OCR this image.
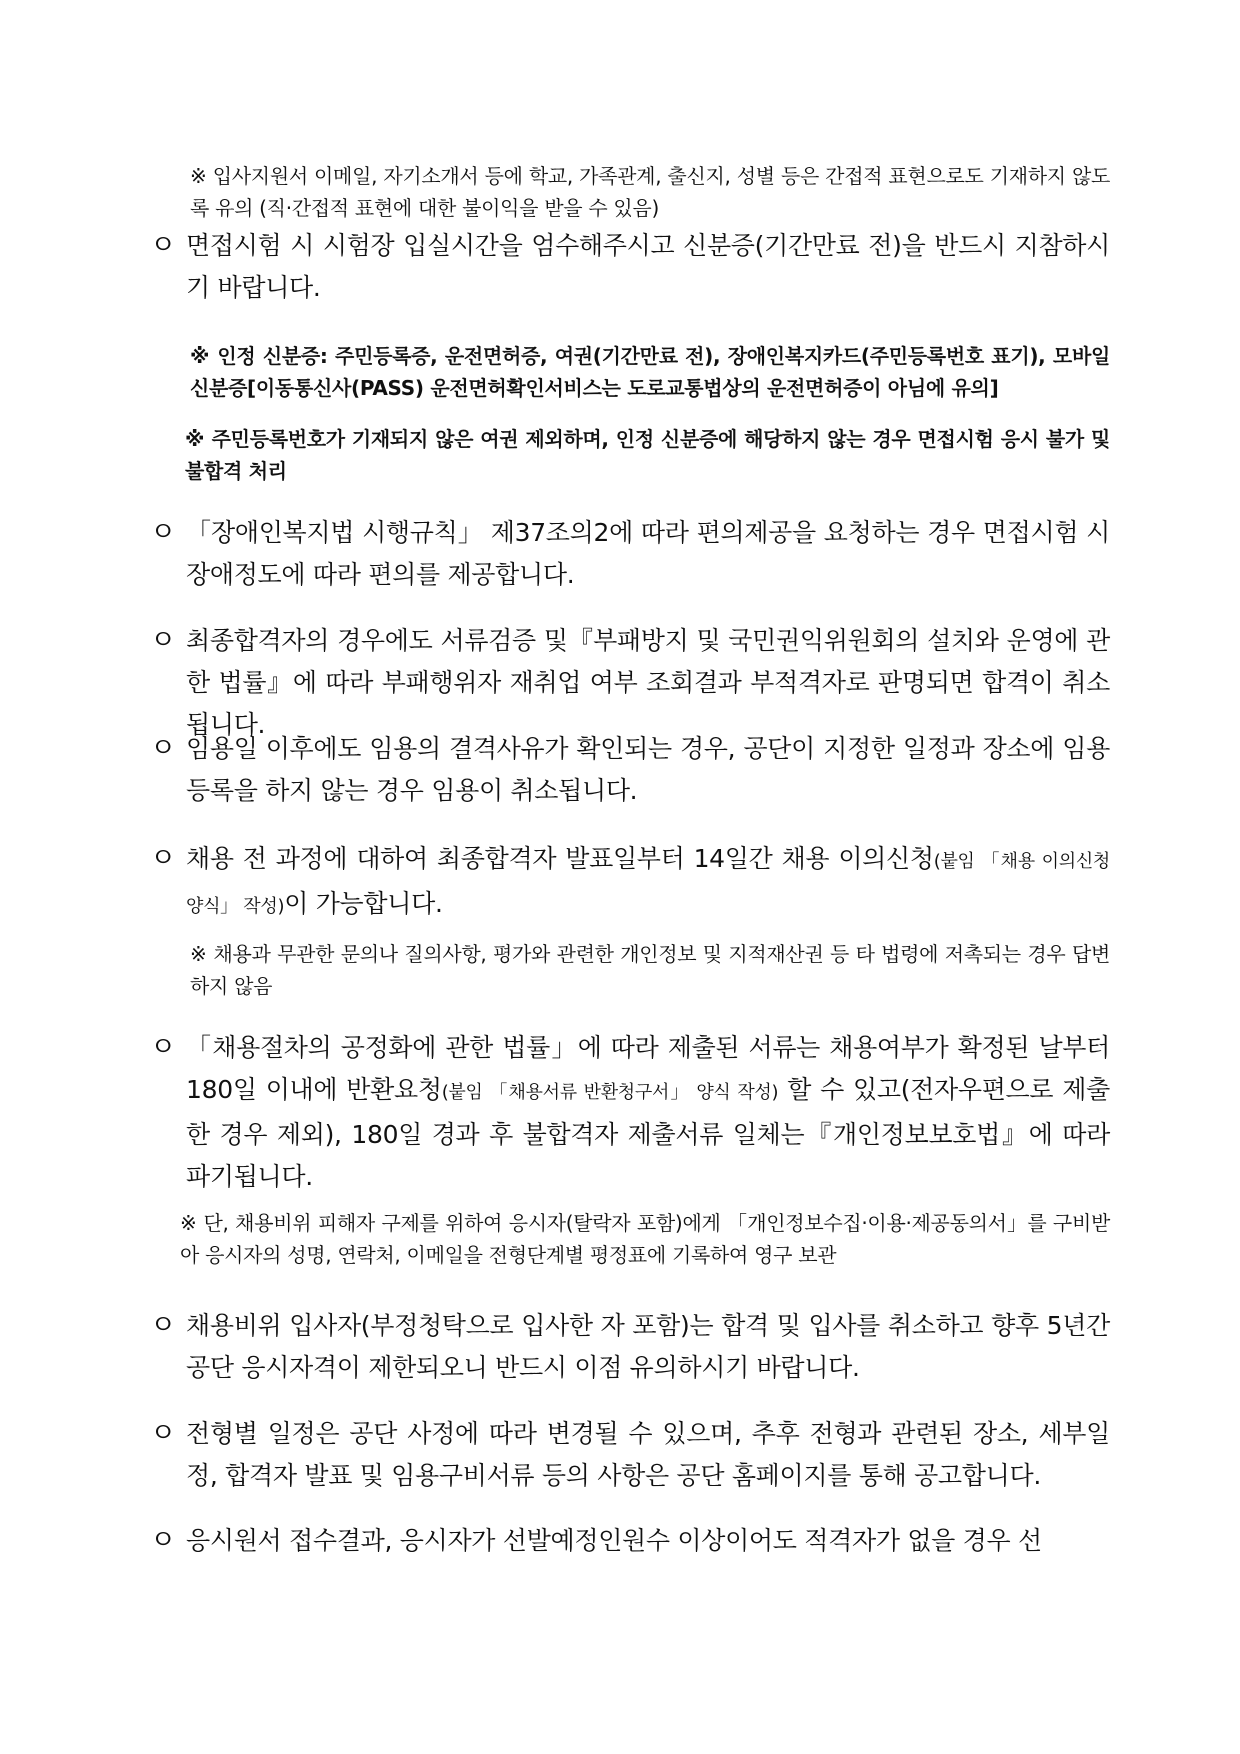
※ 입사지원서 이메일, 자기소개서 등에 학교, 가족관계, 출신지, 성별 등은 간접적 표현으로도 기재하지 않도록 유의 (직·간접적 표현에 대한 불이익을 받을 수 있음)
ㅇ 면접시험 시 시험장 입실시간을 엄수해주시고 신분증(기간만료 전)을 반드시 지참하시기 바랍니다.
※ 인정 신분증: 주민등록증, 운전면허증, 여권(기간만료 전), 장애인복지카드(주민등록번호 표기), 모바일신분증[이동통신사(PASS) 운전면허확인서비스는 도로교통법상의 운전면허증이 아님에 유의]
※ 주민등록번호가 기재되지 않은 여권 제외하며, 인정 신분증에 해당하지 않는 경우 면접시험 응시 불가 및 불합격 처리
ㅇ 「장애인복지법 시행규칙」 제37조의2에 따라 편의제공을 요청하는 경우 면접시험 시 장애정도에 따라 편의를 제공합니다.
ㅇ 최종합격자의 경우에도 서류검증 및『부패방지 및 국민권익위원회의 설치와 운영에 관한 법률』에 따라 부패행위자 재취업 여부 조회결과 부적격자로 판명되면 합격이 취소됩니다.
ㅇ 임용일 이후에도 임용의 결격사유가 확인되는 경우, 공단이 지정한 일정과 장소에 임용등록을 하지 않는 경우 임용이 취소됩니다.
ㅇ 채용 전 과정에 대하여 최종합격자 발표일부터 14일간 채용 이의신청(붙임 「채용 이의신청 양식」 작성)이 가능합니다.
※ 채용과 무관한 문의나 질의사항, 평가와 관련한 개인정보 및 지적재산권 등 타 법령에 저촉되는 경우 답변하지 않음
ㅇ 「채용절차의 공정화에 관한 법률」에 따라 제출된 서류는 채용여부가 확정된 날부터 180일 이내에 반환요청(붙임 「채용서류 반환청구서」 양식 작성) 할 수 있고(전자우편으로 제출한 경우 제외), 180일 경과 후 불합격자 제출서류 일체는『개인정보보호법』에 따라 파기됩니다.
※ 단, 채용비위 피해자 구제를 위하여 응시자(탈락자 포함)에게 「개인정보수집·이용·제공동의서」를 구비받아 응시자의 성명, 연락처, 이메일을 전형단계별 평정표에 기록하여 영구 보관
ㅇ 채용비위 입사자(부정청탁으로 입사한 자 포함)는 합격 및 입사를 취소하고 향후 5년간 공단 응시자격이 제한되오니 반드시 이점 유의하시기 바랍니다.
ㅇ 전형별 일정은 공단 사정에 따라 변경될 수 있으며, 추후 전형과 관련된 장소, 세부일정, 합격자 발표 및 임용구비서류 등의 사항은 공단 홈페이지를 통해 공고합니다.
ㅇ 응시원서 접수결과, 응시자가 선발예정인원수 이상이어도 적격자가 없을 경우 선
